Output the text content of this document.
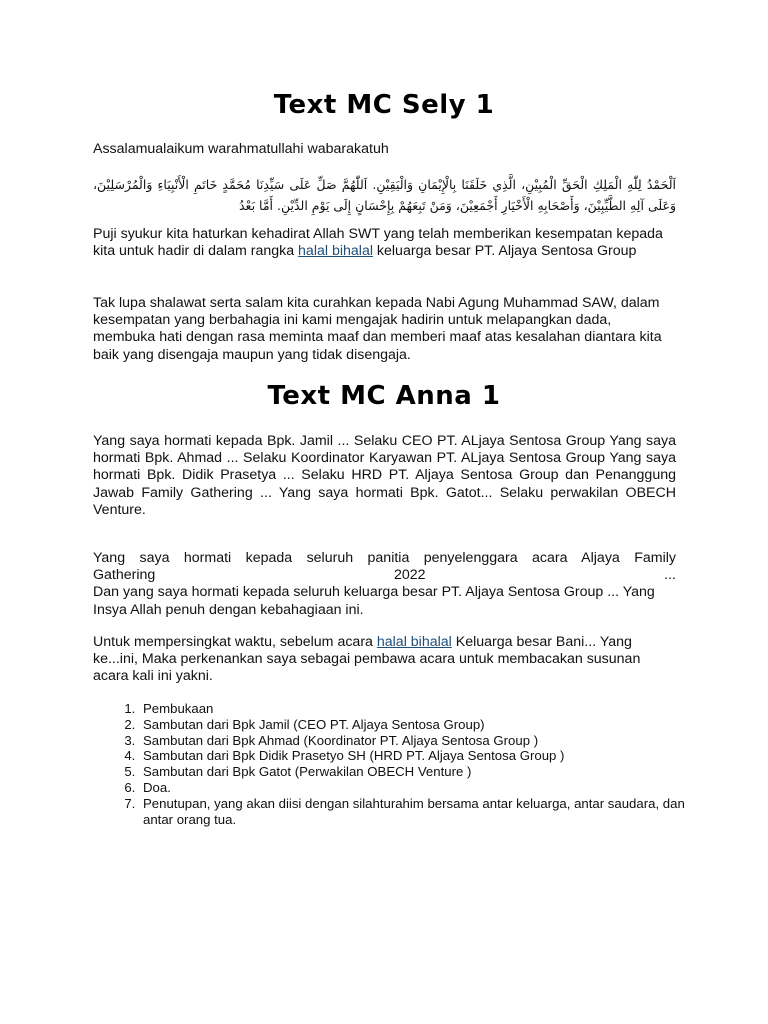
Text MC Sely 1

Assalamualaikum warahmatullahi wabarakatuh

اَلْحَمْدُ لِلّٰهِ الْمَلِكِ الْحَقِّ الْمُبِيْنِ، الَّذِي خَلَقَنَا بِالْإِيْمَانِ وَالْيَقِيْنِ. اَللّٰهُمَّ صَلِّ عَلَى سَيِّدِنَا مُحَمَّدٍ خَاتَمِ الْأَنْبِيَاءِ وَالْمُرْسَلِيْنَ، وَعَلَى آلِهِ الطَّيِّبِيْنَ، وَأَصْحَابِهِ الْأَخْيَارِ أَجْمَعِيْنَ، وَمَنْ تَبِعَهُمْ بِإِحْسَانٍ إِلَى يَوْمِ الدِّيْنِ. أَمَّا بَعْدُ

Puji syukur kita haturkan kehadirat Allah SWT yang telah memberikan kesempatan kepada kita untuk hadir di dalam rangka halal bihalal keluarga besar PT. Aljaya Sentosa Group

Tak lupa shalawat serta salam kita curahkan kepada Nabi Agung Muhammad SAW, dalam kesempatan yang berbahagia ini kami mengajak hadirin untuk melapangkan dada, membuka hati dengan rasa meminta maaf dan memberi maaf atas kesalahan diantara kita baik yang disengaja maupun yang tidak disengaja.

Text MC Anna 1

Yang saya hormati kepada Bpk. Jamil ... Selaku CEO PT. ALjaya Sentosa Group Yang saya hormati Bpk. Ahmad ... Selaku Koordinator Karyawan PT. ALjaya Sentosa Group Yang saya hormati Bpk. Didik Prasetya ... Selaku HRD PT. Aljaya Sentosa Group dan Penanggung Jawab Family Gathering ... Yang saya hormati Bpk. Gatot... Selaku perwakilan OBECH Venture.

Yang saya hormati kepada seluruh panitia penyelenggara acara Aljaya Family
Gathering	2022	...
Dan yang saya hormati kepada seluruh keluarga besar PT. Aljaya Sentosa Group ... Yang Insya Allah penuh dengan kebahagiaan ini.

Untuk mempersingkat waktu, sebelum acara halal bihalal Keluarga besar Bani... Yang ke...ini, Maka perkenankan saya sebagai pembawa acara untuk membacakan susunan acara kali ini yakni.

1. Pembukaan
2. Sambutan dari Bpk Jamil (CEO PT. Aljaya Sentosa Group)
3. Sambutan dari Bpk Ahmad (Koordinator PT. Aljaya Sentosa Group )
4. Sambutan dari Bpk Didik Prasetyo SH (HRD PT. Aljaya Sentosa Group )
5. Sambutan dari Bpk Gatot (Perwakilan OBECH Venture )
6. Doa.
7. Penutupan, yang akan diisi dengan silahturahim bersama antar keluarga, antar saudara, dan antar orang tua.
